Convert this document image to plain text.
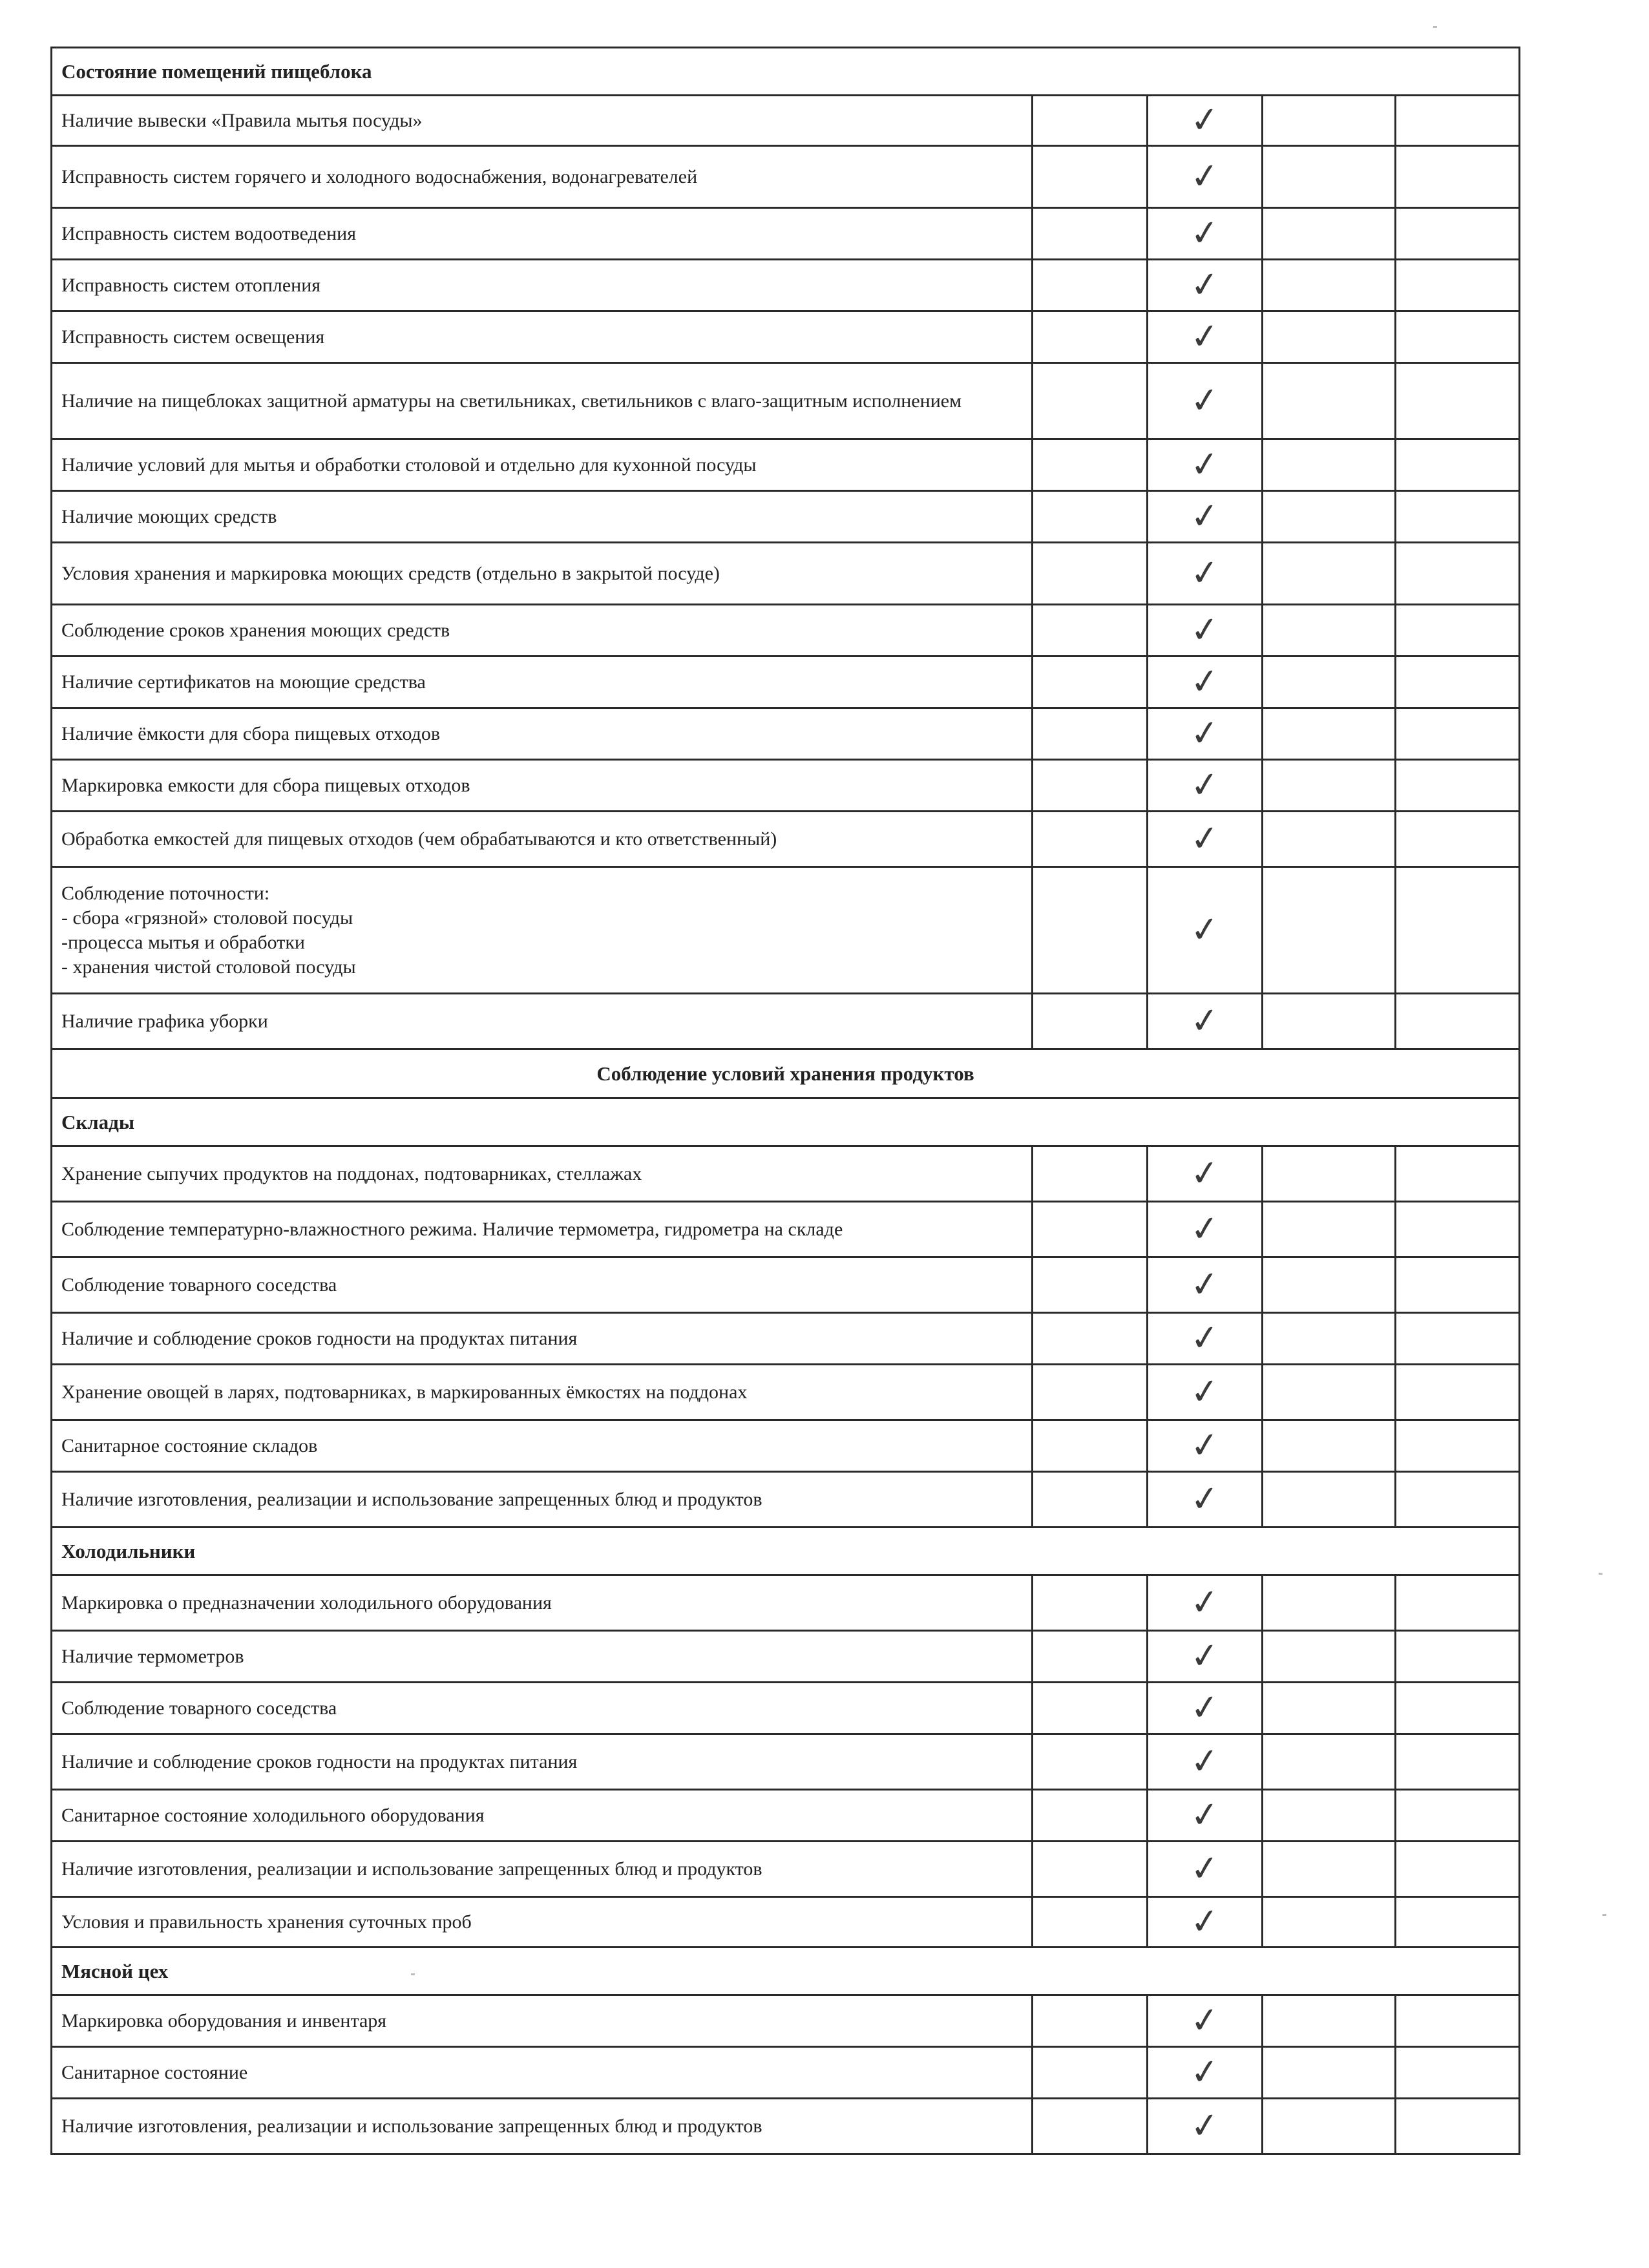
Состояние помещений пищеблока				
Наличие вывески «Правила мытья посуды»		✓		
Исправность систем горячего и холодного водоснабжения, водонагревателей		✓		
Исправность систем водоотведения		✓		
Исправность систем отопления		✓		
Исправность систем освещения		✓		
Наличие на пищеблоках защитной арматуры на светильниках, светильников с влаго-защитным исполнением		✓		
Наличие условий для мытья и обработки столовой и отдельно для кухонной посуды		✓		
Наличие моющих средств		✓		
Условия хранения и маркировка моющих средств (отдельно в закрытой посуде)		✓		
Соблюдение сроков хранения моющих средств		✓		
Наличие сертификатов на моющие средства		✓		
Наличие ёмкости для сбора пищевых отходов		✓		
Маркировка емкости для сбора пищевых отходов		✓		
Обработка емкостей для пищевых отходов (чем обрабатываются и кто ответственный)		✓		
Соблюдение поточности:
- сбора «грязной» столовой посуды
-процесса мытья и обработки
- хранения чистой столовой посуды		✓		
Наличие графика уборки		✓		
Соблюдение условий хранения продуктов				
Склады				
Хранение сыпучих продуктов на поддонах, подтоварниках, стеллажах		✓		
Соблюдение температурно-влажностного режима. Наличие термометра, гидрометра на складе		✓		
Соблюдение товарного соседства		✓		
Наличие и соблюдение сроков годности на продуктах питания		✓		
Хранение овощей в ларях, подтоварниках, в маркированных ёмкостях на поддонах		✓		
Санитарное состояние складов		✓		
Наличие изготовления, реализации и использование запрещенных блюд и продуктов		✓		
Холодильники				
Маркировка о предназначении холодильного оборудования		✓		
Наличие термометров		✓		
Соблюдение товарного соседства		✓		
Наличие и соблюдение сроков годности на продуктах питания		✓		
Санитарное состояние холодильного оборудования		✓		
Наличие изготовления, реализации и использование запрещенных блюд и продуктов		✓		
Условия и правильность хранения суточных проб		✓		
Мясной цех				
Маркировка оборудования и инвентаря		✓		
Санитарное состояние		✓		
Наличие изготовления, реализации и использование запрещенных блюд и продуктов		✓		
